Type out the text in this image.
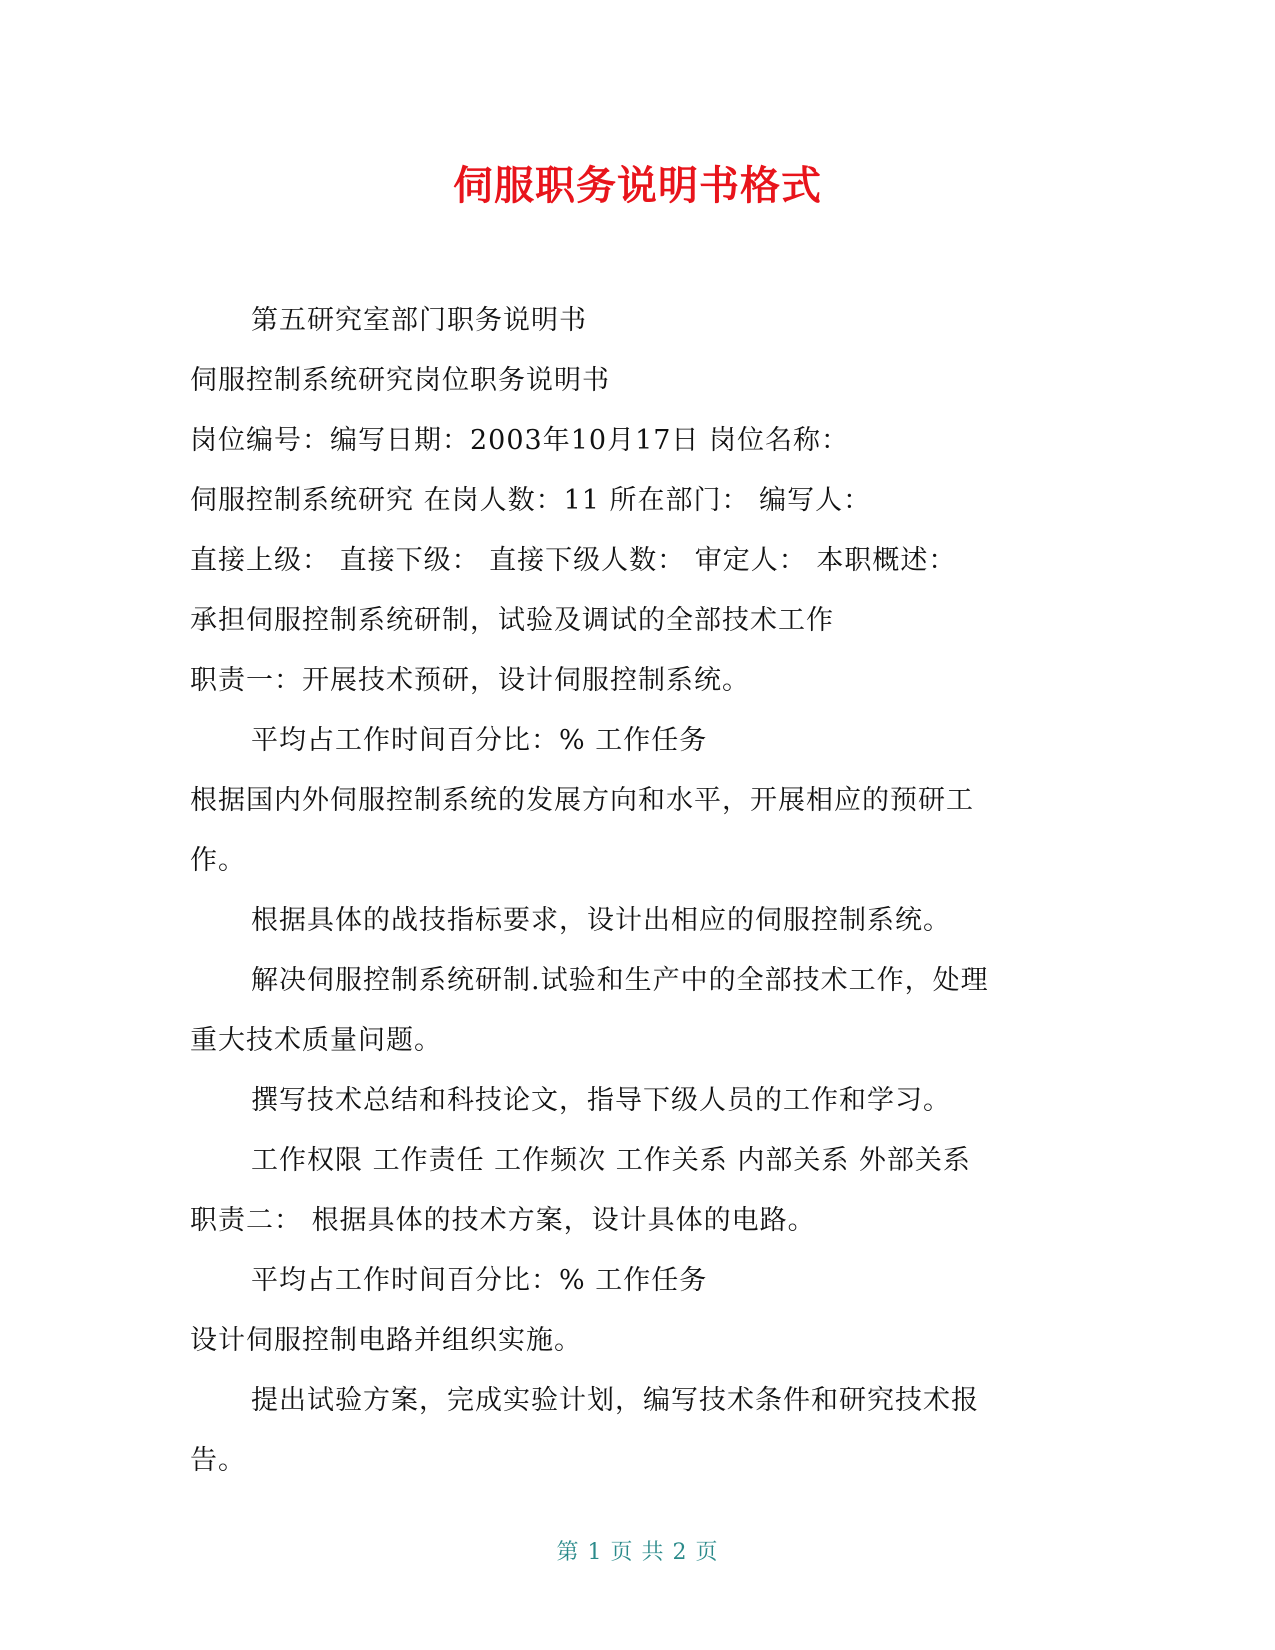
伺服职务说明书格式
第五研究室部门职务说明书
伺服控制系统研究岗位职务说明书
岗位编号：编写日期：2003年10月17日 岗位名称：
伺服控制系统研究 在岗人数：11 所在部门： 编写人：
直接上级： 直接下级： 直接下级人数： 审定人： 本职概述：
承担伺服控制系统研制，试验及调试的全部技术工作
职责一：开展技术预研，设计伺服控制系统。
平均占工作时间百分比：% 工作任务
根据国内外伺服控制系统的发展方向和水平，开展相应的预研工
作。
根据具体的战技指标要求，设计出相应的伺服控制系统。
解决伺服控制系统研制.试验和生产中的全部技术工作，处理
重大技术质量问题。
撰写技术总结和科技论文，指导下级人员的工作和学习。
工作权限 工作责任 工作频次 工作关系 内部关系 外部关系
职责二： 根据具体的技术方案，设计具体的电路。
平均占工作时间百分比：% 工作任务
设计伺服控制电路并组织实施。
提出试验方案，完成实验计划，编写技术条件和研究技术报
告。
第 1 页 共 2 页
